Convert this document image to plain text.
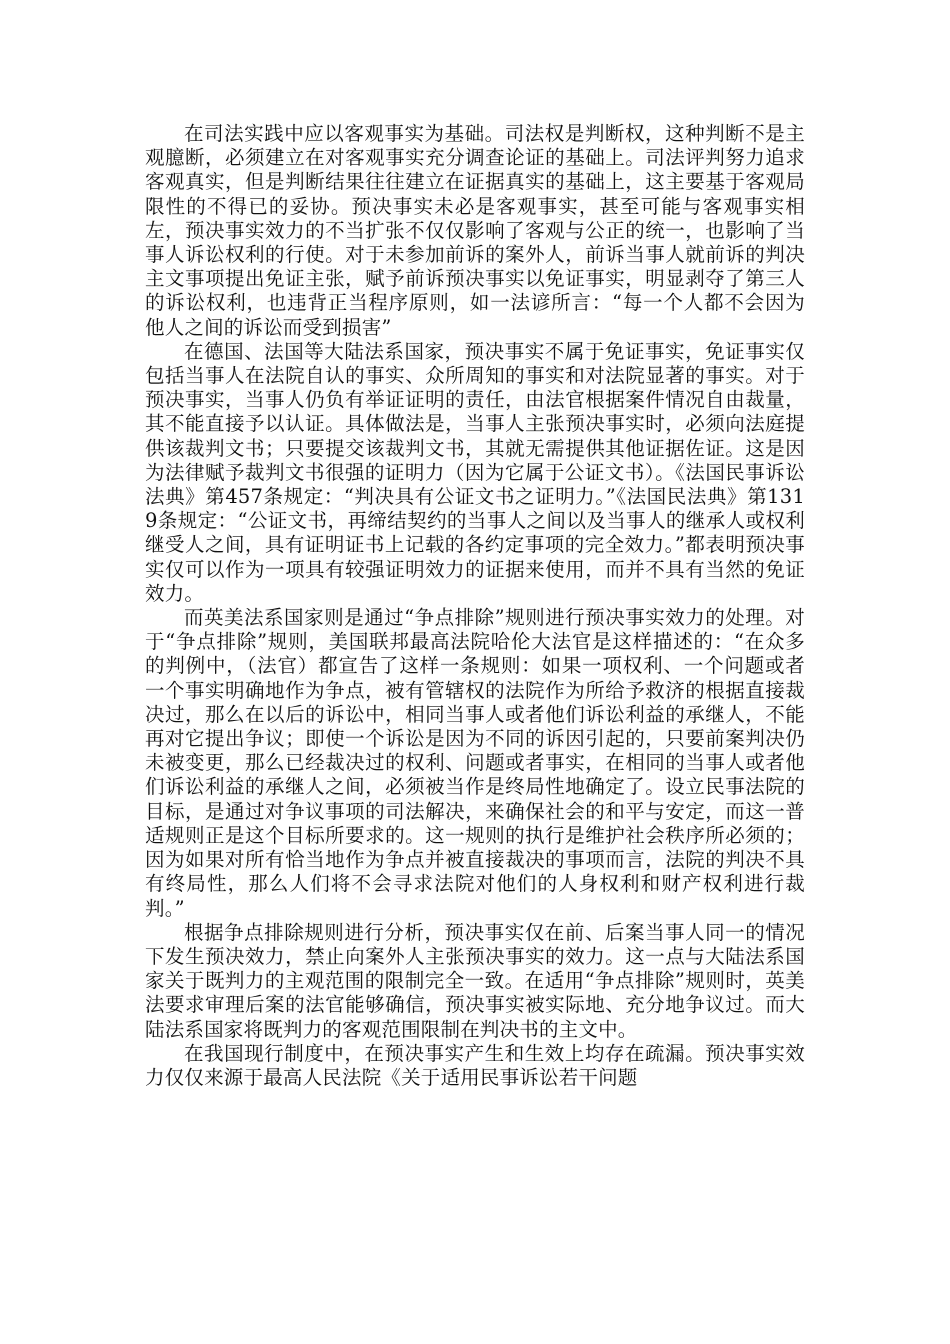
在司法实践中应以客观事实为基础。司法权是判断权，这种判断不是主观臆断，必须建立在对客观事实充分调查论证的基础上。司法评判努力追求客观真实，但是判断结果往往建立在证据真实的基础上，这主要基于客观局限性的不得已的妥协。预决事实未必是客观事实，甚至可能与客观事实相左，预决事实效力的不当扩张不仅仅影响了客观与公正的统一，也影响了当事人诉讼权利的行使。对于未参加前诉的案外人，前诉当事人就前诉的判决主文事项提出免证主张，赋予前诉预决事实以免证事实，明显剥夺了第三人的诉讼权利，也违背正当程序原则，如一法谚所言：“每一个人都不会因为他人之间的诉讼而受到损害”

在德国、法国等大陆法系国家，预决事实不属于免证事实，免证事实仅包括当事人在法院自认的事实、众所周知的事实和对法院显著的事实。对于预决事实，当事人仍负有举证证明的责任，由法官根据案件情况自由裁量，其不能直接予以认证。具体做法是，当事人主张预决事实时，必须向法庭提供该裁判文书；只要提交该裁判文书，其就无需提供其他证据佐证。这是因为法律赋予裁判文书很强的证明力（因为它属于公证文书）。《法国民事诉讼法典》第457条规定：“判决具有公证文书之证明力。”《法国民法典》第1319条规定：“公证文书，再缔结契约的当事人之间以及当事人的继承人或权利继受人之间，具有证明证书上记载的各约定事项的完全效力。”都表明预决事实仅可以作为一项具有较强证明效力的证据来使用，而并不具有当然的免证效力。

而英美法系国家则是通过“争点排除”规则进行预决事实效力的处理。对于“争点排除”规则，美国联邦最高法院哈伦大法官是这样描述的：“在众多的判例中，（法官）都宣告了这样一条规则：如果一项权利、一个问题或者一个事实明确地作为争点，被有管辖权的法院作为所给予救济的根据直接裁决过，那么在以后的诉讼中，相同当事人或者他们诉讼利益的承继人，不能再对它提出争议；即使一个诉讼是因为不同的诉因引起的，只要前案判决仍未被变更，那么已经裁决过的权利、问题或者事实，在相同的当事人或者他们诉讼利益的承继人之间，必须被当作是终局性地确定了。设立民事法院的目标，是通过对争议事项的司法解决，来确保社会的和平与安定，而这一普适规则正是这个目标所要求的。这一规则的执行是维护社会秩序所必须的；因为如果对所有恰当地作为争点并被直接裁决的事项而言，法院的判决不具有终局性，那么人们将不会寻求法院对他们的人身权利和财产权利进行裁判。”

根据争点排除规则进行分析，预决事实仅在前、后案当事人同一的情况下发生预决效力，禁止向案外人主张预决事实的效力。这一点与大陆法系国家关于既判力的主观范围的限制完全一致。在适用“争点排除”规则时，英美法要求审理后案的法官能够确信，预决事实被实际地、充分地争议过。而大陆法系国家将既判力的客观范围限制在判决书的主文中。

在我国现行制度中，在预决事实产生和生效上均存在疏漏。预决事实效力仅仅来源于最高人民法院《关于适用民事诉讼若干问题
